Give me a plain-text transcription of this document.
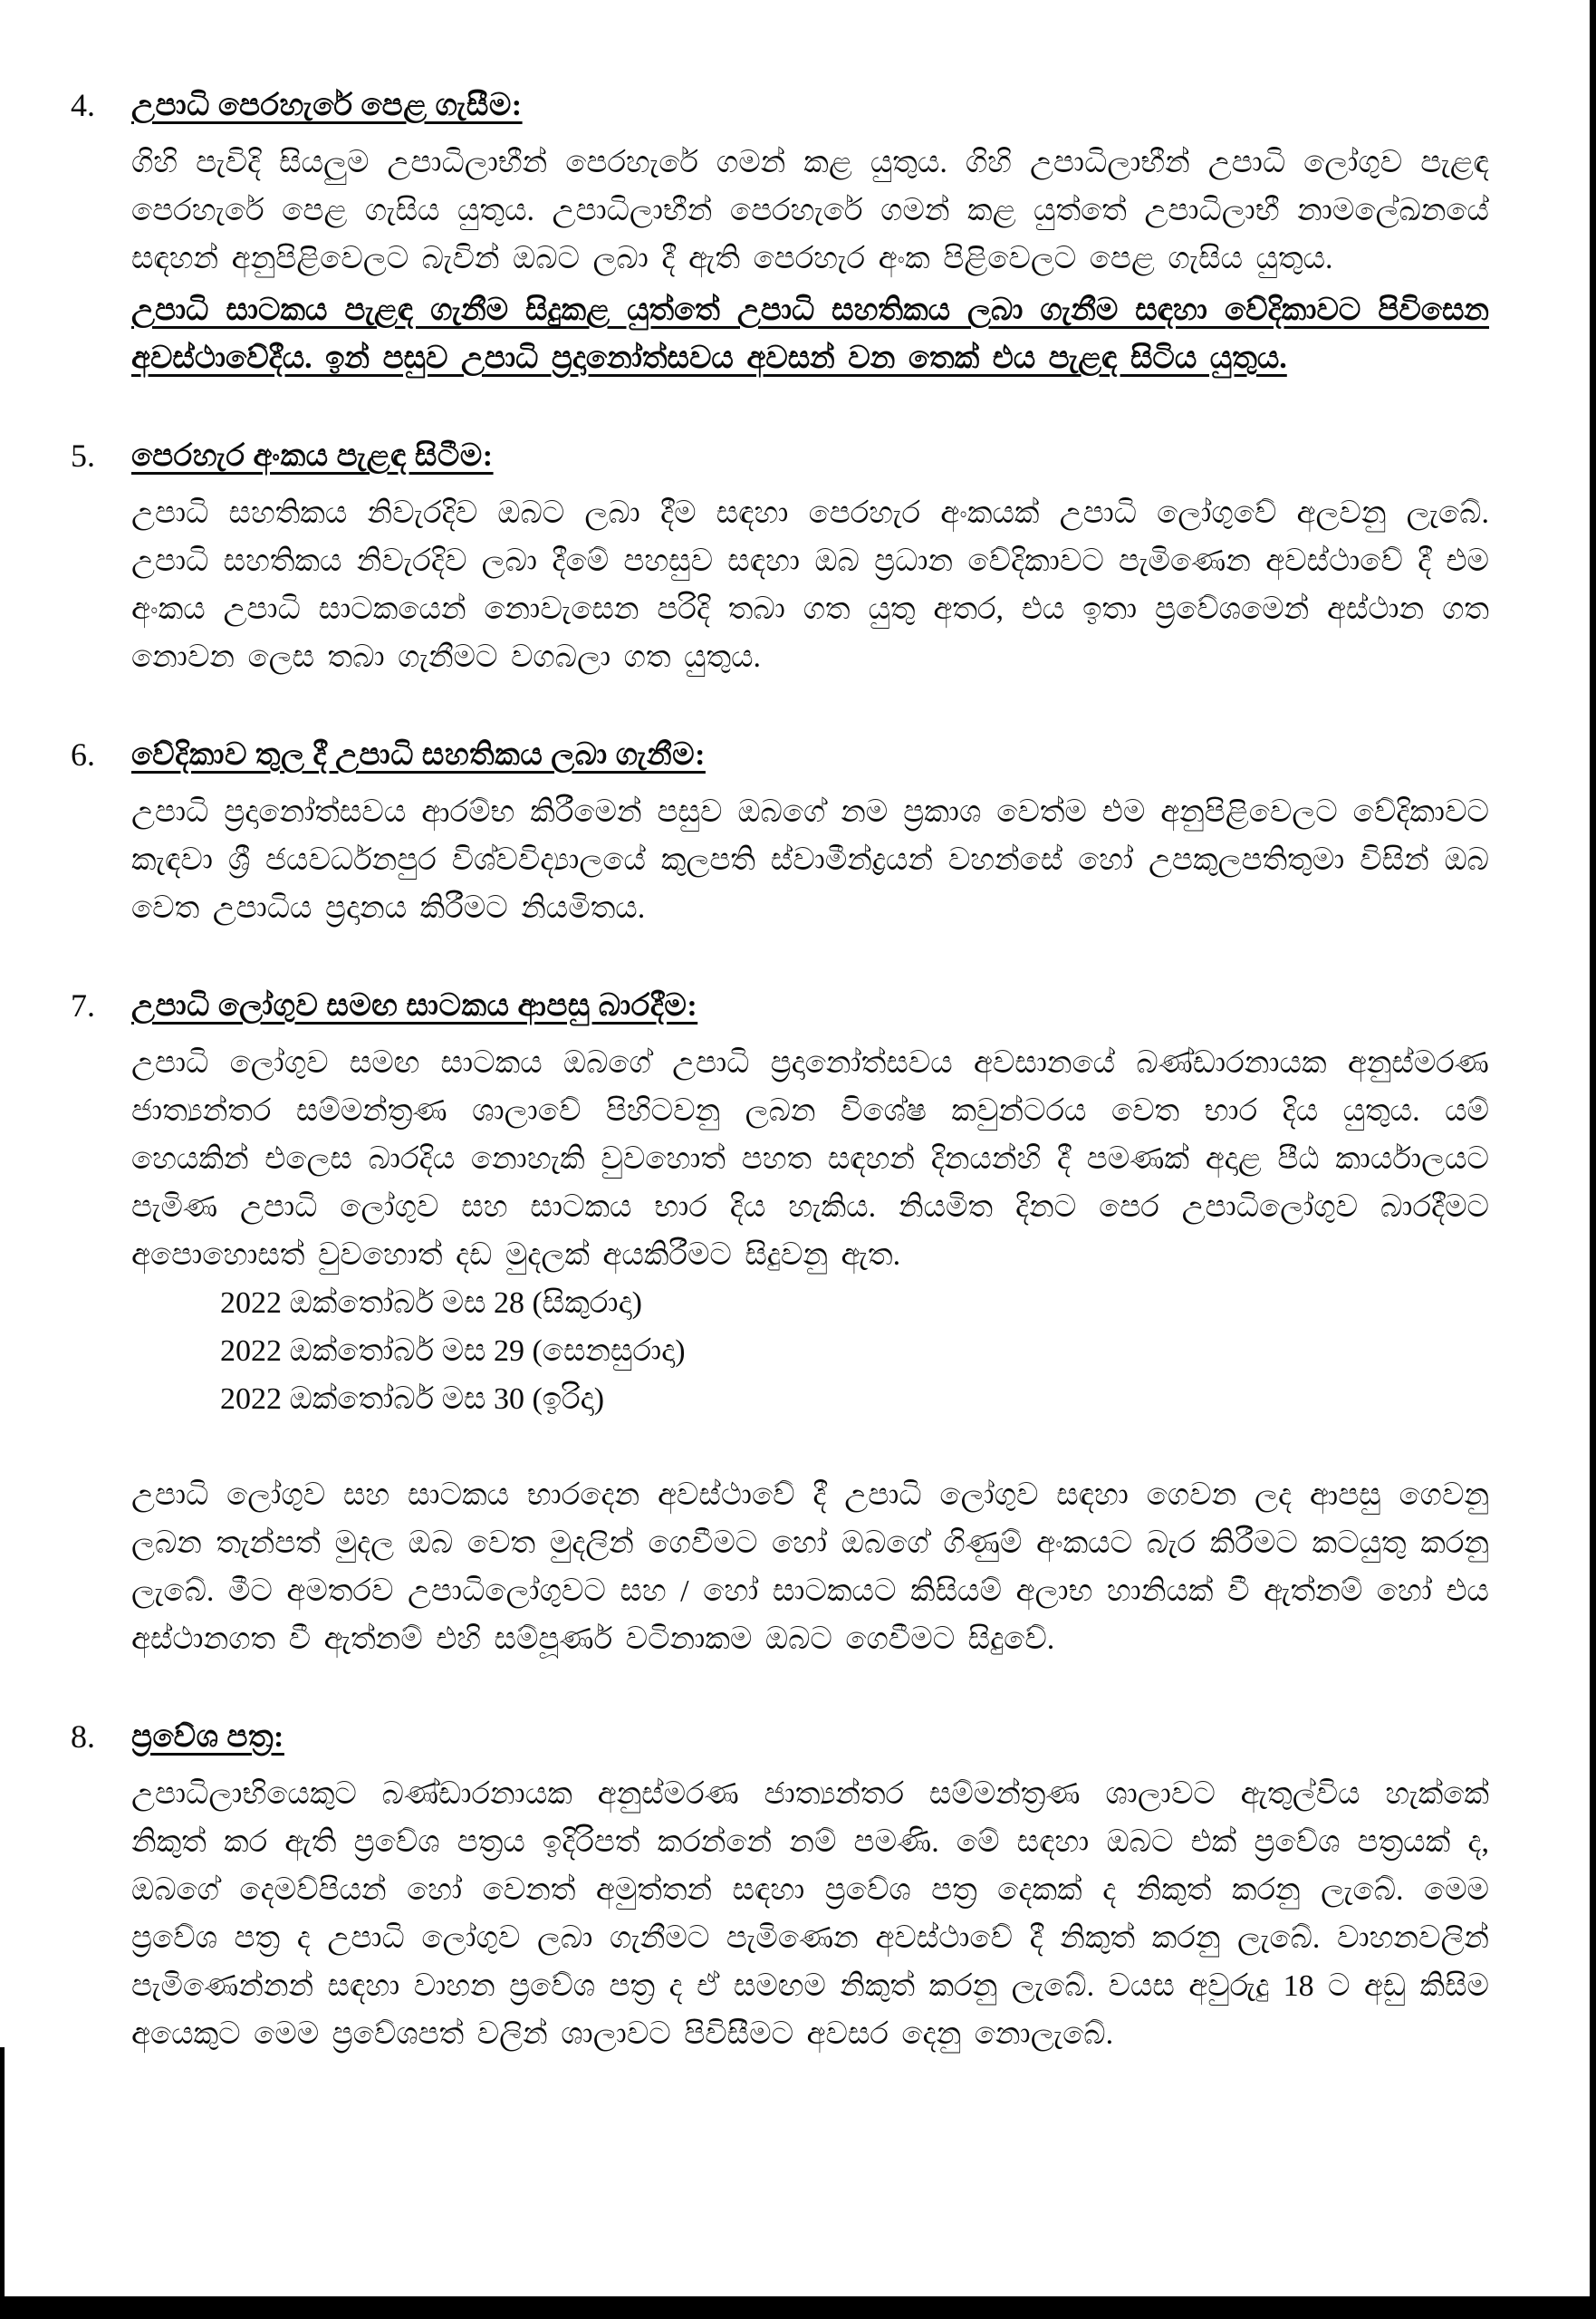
4.	උපාධි පෙරහැරේ පෙළ ගැසීම:

ගිහි පැවිදි සියලුම උපාධිලාභීන් පෙරහැරේ ගමන් කළ යුතුය. ගිහි උපාධිලාභීන් උපාධි ලෝගුව පැළඳ පෙරහැරේ පෙළ ගැසිය යුතුය. උපාධිලාභීන් පෙරහැරේ ගමන් කළ යුත්තේ උපාධිලාභී නාමලේඛනයේ සඳහන් අනුපිළිවෙලට බැවින් ඔබට ලබා දී ඇති පෙරහැර අංක පිළිවෙලට පෙළ ගැසිය යුතුය.

උපාධි සාටකය පැළඳ ගැනීම සිදුකළ යුත්තේ උපාධි සහතිකය ලබා ගැනීම සඳහා වේදිකාවට පිවිසෙන අවස්ථාවේදීය. ඉන් පසුව උපාධි ප්‍රදානෝත්සවය අවසන් වන තෙක් එය පැළඳ සිටිය යුතුය.

5.	පෙරහැර අංකය පැළඳ සිටීම:

උපාධි සහතිකය නිවැරදිව ඔබට ලබා දීම සඳහා පෙරහැර අංකයක් උපාධි ලෝගුවේ අලවනු ලැබේ. උපාධි සහතිකය නිවැරදිව ලබා දීමේ පහසුව සඳහා ඔබ ප්‍රධාන වේදිකාවට පැමිණෙන අවස්ථාවේ දී එම අංකය උපාධි සාටකයෙන් නොවැසෙන පරිදි තබා ගත යුතු අතර, එය ඉතා ප්‍රවේශමෙන් අස්ථාන ගත නොවන ලෙස තබා ගැනීමට වගබලා ගත යුතුය.

6.	වේදිකාව තුල දී උපාධි සහතිකය ලබා ගැනීම:

උපාධි ප්‍රදානෝත්සවය ආරම්භ කිරීමෙන් පසුව ඔබගේ නම ප්‍රකාශ වෙත්ම එම අනුපිළිවෙලට වේදිකාවට කැඳවා ශ්‍රී ජයවර්ධනපුර විශ්වවිද්‍යාලයේ කුලපති ස්වාමීන්ද්‍රයන් වහන්සේ හෝ උපකුලපතිතුමා විසින් ඔබ වෙත උපාධිය ප්‍රදානය කිරීමට නියමිතය.

7.	උපාධි ලෝගුව සමඟ සාටකය ආපසු බාරදීම:

උපාධි ලෝගුව සමඟ සාටකය ඔබගේ උපාධි ප්‍රදානෝත්සවය අවසානයේ බණ්ඩාරනායක අනුස්මරණ ජාත්‍යන්තර සම්මන්ත්‍රණ ශාලාවේ පිහිටවනු ලබන විශේෂ කවුන්ටරය වෙත භාර දිය යුතුය. යම් හෙයකින් එලෙස බාරදිය නොහැකි වුවහොත් පහත සඳහන් දිනයන්හි දී පමණක් අදාළ පීඨ කාර්යාලයට පැමිණ උපාධි ලෝගුව සහ සාටකය භාර දිය හැකිය. නියමිත දිනට පෙර උපාධිලෝගුව බාරදීමට අපොහොසත් වුවහොත් දඩ මුදලක් අයකිරීමට සිදුවනු ඇත.

2022 ඔක්තෝබර් මස 28 (සිකුරාදා)
2022 ඔක්තෝබර් මස 29 (සෙනසුරාදා)
2022 ඔක්තෝබර් මස 30 (ඉරිදා)

උපාධි ලෝගුව සහ සාටකය භාරදෙන අවස්ථාවේ දී උපාධි ලෝගුව සඳහා ගෙවන ලද ආපසු ගෙවනු ලබන තැන්පත් මුදල ඔබ වෙත මුදලින් ගෙවීමට හෝ ඔබගේ ගිණුම් අංකයට බැර කිරීමට කටයුතු කරනු ලැබේ. මීට අමතරව උපාධිලෝගුවට සහ / හෝ සාටකයට කිසියම් අලාභ හානියක් වී ඇත්නම් හෝ එය අස්ථානගත වී ඇත්නම් එහි සම්පූර්ණ වටිනාකම ඔබට ගෙවීමට සිදුවේ.

8.	ප්‍රවේශ පත්‍ර:

උපාධිලාභියෙකුට බණ්ඩාරනායක අනුස්මරණ ජාත්‍යන්තර සම්මන්ත්‍රණ ශාලාවට ඇතුල්විය හැක්කේ නිකුත් කර ඇති ප්‍රවේශ පත්‍රය ඉදිරිපත් කරන්නේ නම් පමණි. මේ සඳහා ඔබට එක් ප්‍රවේශ පත්‍රයක් ද, ඔබගේ දෙමව්පියන් හෝ වෙනත් අමුත්තන් සඳහා ප්‍රවේශ පත්‍ර දෙකක් ද නිකුත් කරනු ලැබේ. මෙම ප්‍රවේශ පත්‍ර ද උපාධි ලෝගුව ලබා ගැනීමට පැමිණෙන අවස්ථාවේ දී නිකුත් කරනු ලැබේ. වාහනවලින් පැමිණෙන්නන් සඳහා වාහන ප්‍රවේශ පත්‍ර ද ඒ සමඟම නිකුත් කරනු ලැබේ. වයස අවුරුදු 18 ට අඩු කිසිම අයෙකුට මෙම ප්‍රවේශපත් වලින් ශාලාවට පිවිසීමට අවසර දෙනු නොලැබේ.
